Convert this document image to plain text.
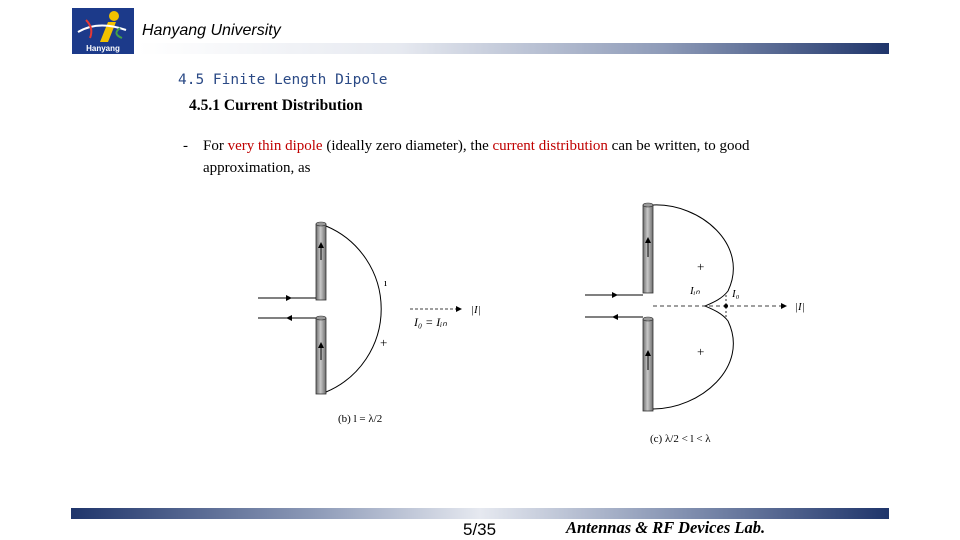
Hanyang
Hanyang University
4.5 Finite Length Dipole
4.5.1 Current Distribution
- For very thin dipole (ideally zero diameter), the current distribution can be written, to good approximation, as
|I|
ı
+
I₀ = Iᵢₙ
(b) l = λ/2
|I|
+
+
Iᵢₙ	I₀
(c) λ/2 < l < λ
5/35	Antennas & RF Devices Lab.
